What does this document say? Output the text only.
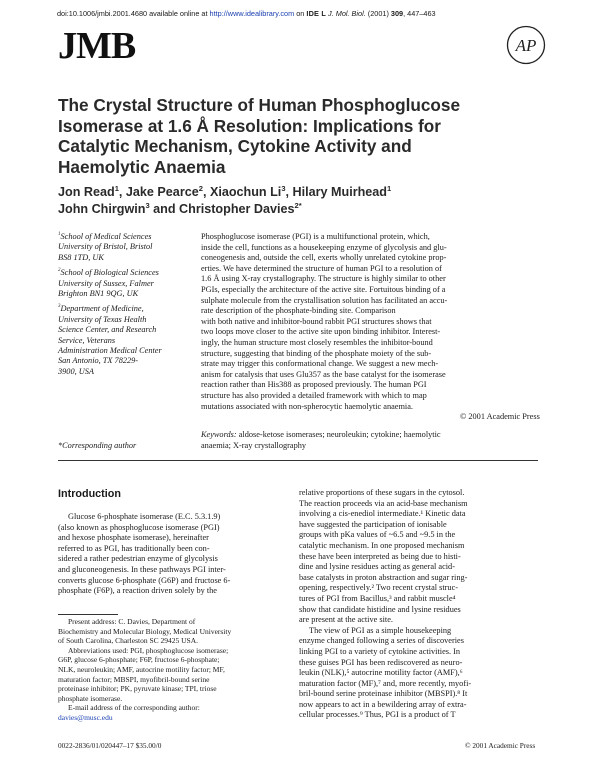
doi:10.1006/jmbi.2001.4680 available online at http://www.idealibrary.com on IDE L J. Mol. Biol. (2001) 309, 447–463
JMB	AP
The Crystal Structure of Human Phosphoglucose
Isomerase at 1.6 Å Resolution: Implications for
Catalytic Mechanism, Cytokine Activity and
Haemolytic Anaemia
Jon Read$^1$, Jake Pearce$^2$, Xiaochun Li$^3$, Hilary Muirhead$^1$
John Chirgwin$^3$ and Christopher Davies$^{2*}$
$^1$School of Medical Sciences
University of Bristol, Bristol
BS8 1TD, UK
$^2$School of Biological Sciences
University of Sussex, Falmer
Brighton BN1 9QG, UK
$^3$Department of Medicine,
University of Texas Health
Science Center, and Research
Service, Veterans
Administration Medical Center
San Antonio, TX 78229-
3900, USA
*Corresponding author
Phosphoglucose isomerase (PGI) is a multifunctional protein, which,
inside the cell, functions as a housekeeping enzyme of glycolysis and glu-
coneogenesis and, outside the cell, exerts wholly unrelated cytokine prop-
erties. We have determined the structure of human PGI to a resolution of
1.6 Å using X-ray crystallography. The structure is highly similar to other
PGIs, especially the architecture of the active site. Fortuitous binding of a
sulphate molecule from the crystallisation solution has facilitated an accu-
rate description of the phosphate-binding site. Comparison
with both native and inhibitor-bound rabbit PGI structures shows that
two loops move closer to the active site upon binding inhibitor. Interest-
ingly, the human structure most closely resembles the inhibitor-bound
structure, suggesting that binding of the phosphate moiety of the sub-
strate may trigger this conformational change. We suggest a new mech-
anism for catalysis that uses Glu357 as the base catalyst for the isomerase
reaction rather than His388 as proposed previously. The human PGI
structure has also provided a detailed framework with which to map
mutations associated with non-spherocytic haemolytic anaemia.
© 2001 Academic Press
Keywords: aldose-ketose isomerases; neuroleukin; cytokine; haemolytic
anaemia; X-ray crystallography
Introduction
Glucose 6-phosphate isomerase (E.C. 5.3.1.9)
(also known as phosphoglucose isomerase (PGI)
and hexose phosphate isomerase), hereinafter
referred to as PGI, has traditionally been con-
sidered a rather pedestrian enzyme of glycolysis
and gluconeogenesis. In these pathways PGI inter-
converts glucose 6-phosphate (G6P) and fructose 6-
phosphate (F6P), a reaction driven solely by the
relative proportions of these sugars in the cytosol.
The reaction proceeds via an acid-base mechanism
involving a cis-enediol intermediate.¹ Kinetic data
have suggested the participation of ionisable
groups with pKa values of ~6.5 and ~9.5 in the
catalytic mechanism. In one proposed mechanism
these have been interpreted as being due to histi-
dine and lysine residues acting as general acid-
base catalysts in proton abstraction and sugar ring-
opening, respectively.² Two recent crystal struc-
tures of PGI from Bacillus,³ and rabbit muscle⁴
show that candidate histidine and lysine residues
are present at the active site.
The view of PGI as a simple housekeeping
enzyme changed following a series of discoveries
linking PGI to a variety of cytokine activities. In
these guises PGI has been rediscovered as neuro-
leukin (NLK),⁵ autocrine motility factor (AMF),⁶
maturation factor (MF),⁷ and, more recently, myofi-
bril-bound serine proteinase inhibitor (MBSPI).⁸ It
now appears to act in a bewildering array of extra-
cellular processes.⁹ Thus, PGI is a product of T
Present address: C. Davies, Department of
Biochemistry and Molecular Biology, Medical University
of South Carolina, Charleston SC 29425 USA.
Abbreviations used: PGI, phosphoglucose isomerase;
G6P, glucose 6-phosphate; F6P, fructose 6-phosphate;
NLK, neuroleukin; AMF, autocrine motility factor; MF,
maturation factor; MBSPI, myofibril-bound serine
proteinase inhibitor; PK, pyruvate kinase; TPI, triose
phosphate isomerase.
E-mail address of the corresponding author:
davies@musc.edu
0022-2836/01/020447–17 $35.00/0	© 2001 Academic Press
